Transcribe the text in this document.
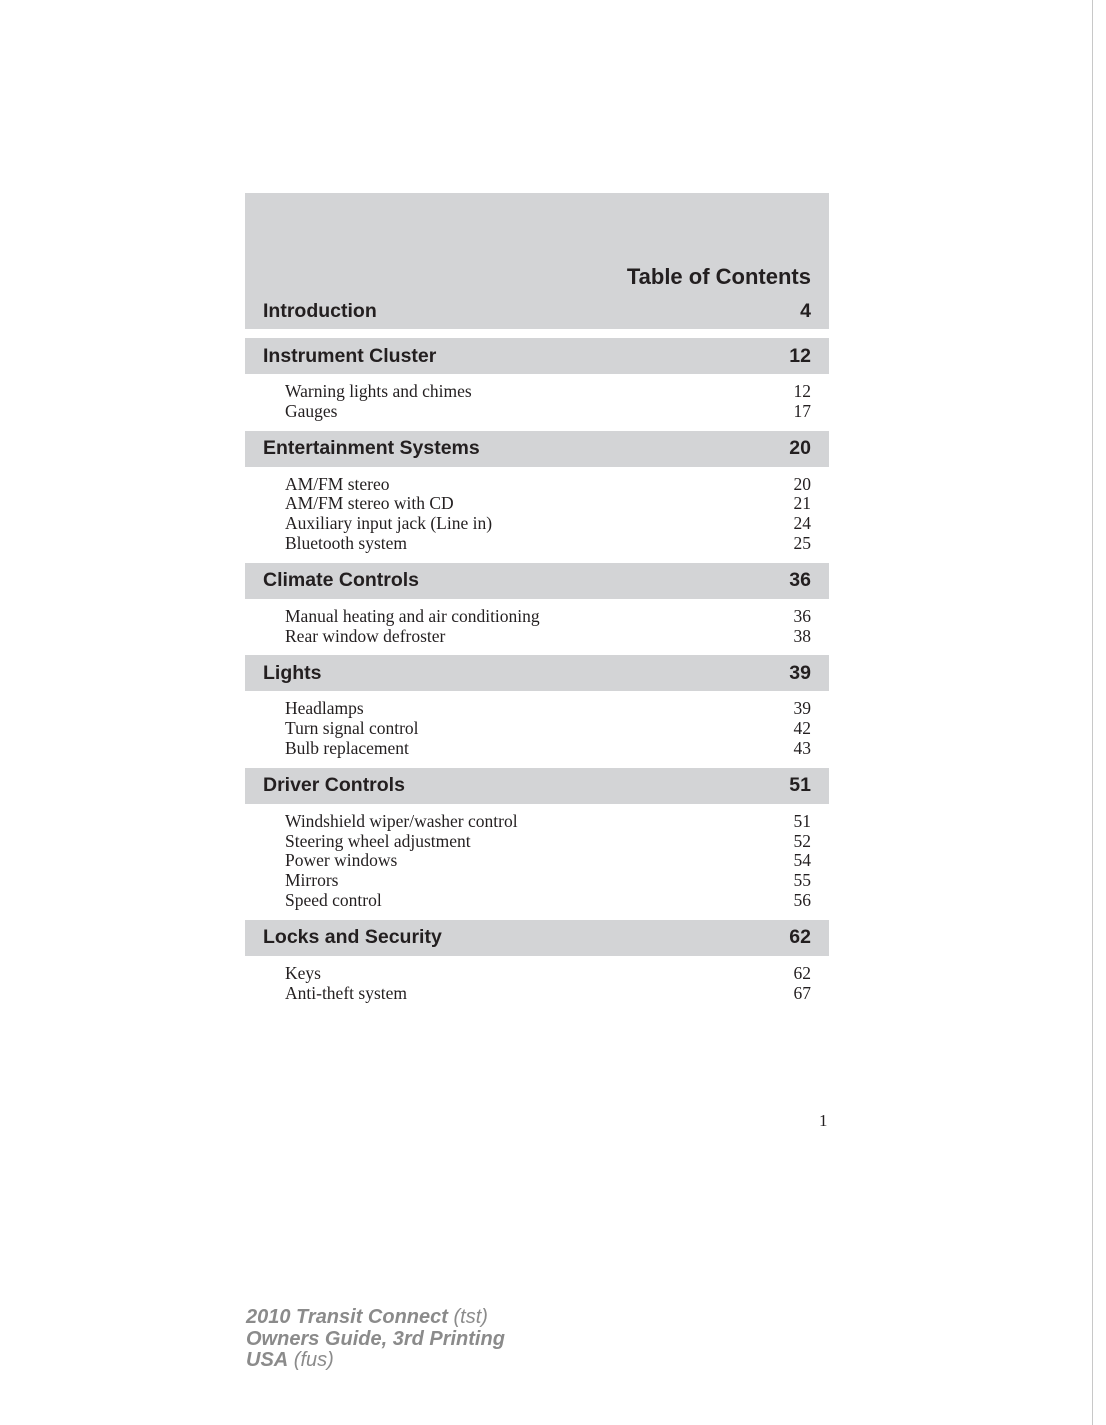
Table of Contents
Introduction	4
Instrument Cluster	12
Warning lights and chimes	12
Gauges	17
Entertainment Systems	20
AM/FM stereo	20
AM/FM stereo with CD	21
Auxiliary input jack (Line in)	24
Bluetooth system	25
Climate Controls	36
Manual heating and air conditioning	36
Rear window defroster	38
Lights	39
Headlamps	39
Turn signal control	42
Bulb replacement	43
Driver Controls	51
Windshield wiper/washer control	51
Steering wheel adjustment	52
Power windows	54
Mirrors	55
Speed control	56
Locks and Security	62
Keys	62
Anti-theft system	67
1
2010 Transit Connect (tst)
Owners Guide, 3rd Printing
USA (fus)
